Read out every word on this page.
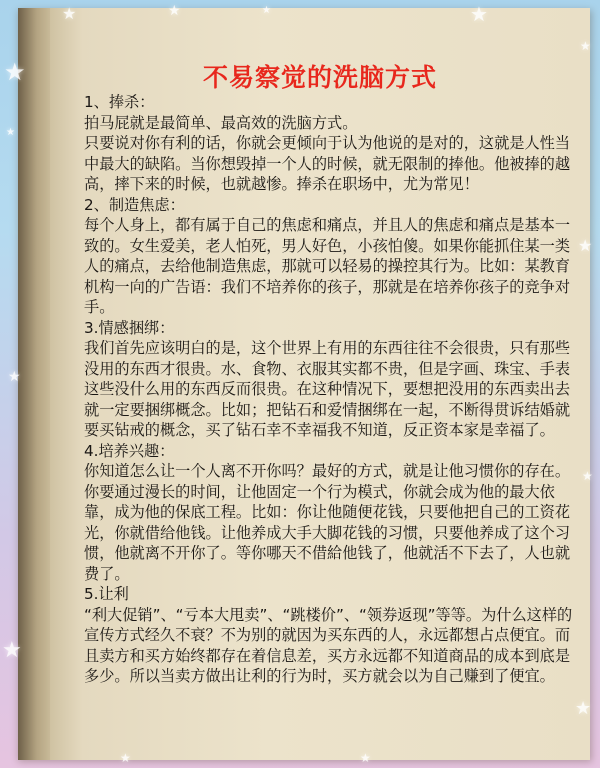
不易察觉的洗脑方式

1、捧杀：

拍马屁就是最简单、最高效的洗脑方式。

只要说对你有利的话，你就会更倾向于认为他说的是对的，这就是人性当中最大的缺陷。当你想毁掉一个人的时候，就无限制的捧他。他被捧的越高，摔下来的时候，也就越惨。捧杀在职场中，尤为常见！

2、制造焦虑：

每个人身上，都有属于自己的焦虑和痛点，并且人的焦虑和痛点是基本一致的。女生爱美，老人怕死，男人好色，小孩怕傻。如果你能抓住某一类人的痛点，去给他制造焦虑，那就可以轻易的操控其行为。比如：某教育机构一向的广告语：我们不培养你的孩子，那就是在培养你孩子的竞争对手。

3.情感捆绑：

我们首先应该明白的是，这个世界上有用的东西往往不会很贵，只有那些没用的东西才很贵。水、食物、衣服其实都不贵，但是字画、珠宝、手表这些没什么用的东西反而很贵。在这种情况下，要想把没用的东西卖出去就一定要捆绑概念。比如；把钻石和爱情捆绑在一起，不断得贯诉结婚就要买钻戒的概念，买了钻石幸不幸福我不知道，反正资本家是幸福了。

4.培养兴趣：

你知道怎么让一个人离不开你吗？最好的方式，就是让他习惯你的存在。你要通过漫长的时间，让他固定一个行为模式，你就会成为他的最大依靠，成为他的保底工程。比如：你让他随便花钱，只要他把自己的工资花光，你就借给他钱。让他养成大手大脚花钱的习惯，只要他养成了这个习惯，他就离不开你了。等你哪天不借給他钱了，他就活不下去了，人也就费了。

5.让利

“利大促销”、“亏本大甩卖”、“跳楼价”、“领券返现”等等。为什么这样的宣传方式经久不衰？不为别的就因为买东西的人，永远都想占点便宜。而且卖方和买方始终都存在着信息差，买方永远都不知道商品的成本到底是多少。所以当卖方做出让利的行为时，买方就会以为自己赚到了便宜。

★	★	★	★
★
★
★
★
★
★
★
★
★	★
